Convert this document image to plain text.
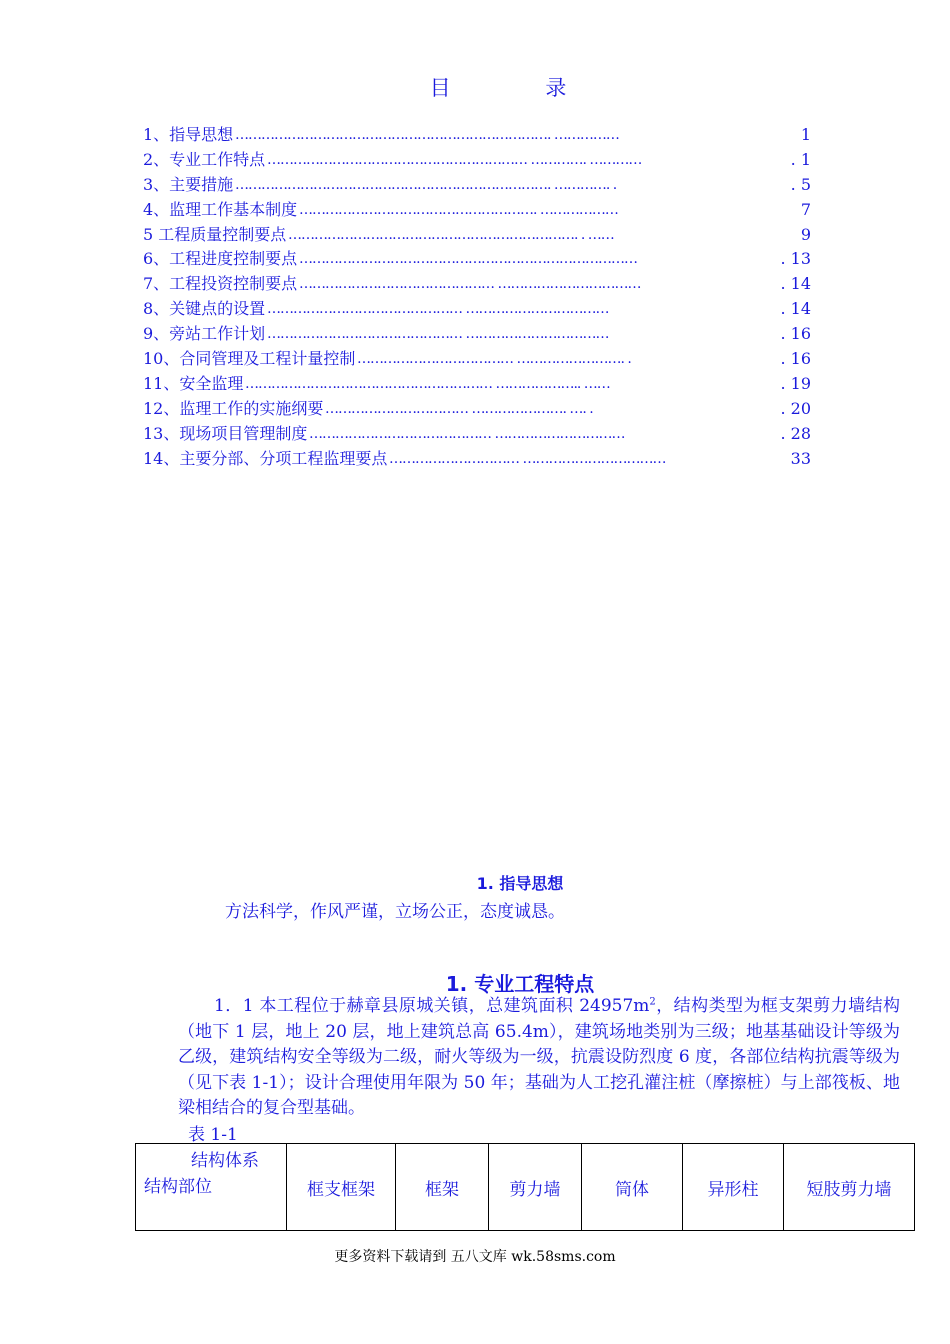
目 录
1、指导思想 ………………………………………………………………. ……………	1
2、专业工作特点 …………………………………………………… …………. …………	. 1
3、主要措施 ………………………………………………………………. …………. .	. 5
4、监理工作基本制度 ………………………………………………. ………………	7
5 工程质量控制要点 …………………………………………………………. . ……	9
6、工程进度控制要点 ……………………………………………………………………	. 13
7、工程投资控制要点 ……………………………………… ……………………………	. 14
8、关键点的设置 ……………………………………… ……………………………	. 14
9、旁站工作计划 ……………………………………… ……………………………	. 16
10、合同管理及工程计量控制 ……………………………… ……………………. .	. 16
11、安全监理 ………………………………………………… ……………….. ……	. 19
12、监理工作的实施纲要 …………………………… …………………. …. .	. 20
13、现场项目管理制度 …………………………………… …………………………	. 28
14、主要分部、分项工程监理要点 ………………………… ……………………………	33
1. 指导思想
方法科学，作风严谨，立场公正，态度诚恳。
1. 专业工程特点

1．1 本工程位于赫章县原城关镇，总建筑面积 $24957m^2$，结构类型为框支架剪力墙结构（地下 1 层，地上 20 层，地上建筑总高 65.4m），建筑场地类别为三级；地基基础设计等级为乙级，建筑结构安全等级为二级，耐火等级为一级，抗震设防烈度 6 度，各部位结构抗震等级为（见下表 1-1）；设计合理使用年限为 50 年；基础为人工挖孔灌注桩（摩擦桩）与上部筏板、地梁相结合的复合型基础。

表 1-1
结构体系
结构部位	框支框架	框架	剪力墙	筒体	异形柱	短肢剪力墙
更多资料下载请到 五八文库 wk.58sms.com
